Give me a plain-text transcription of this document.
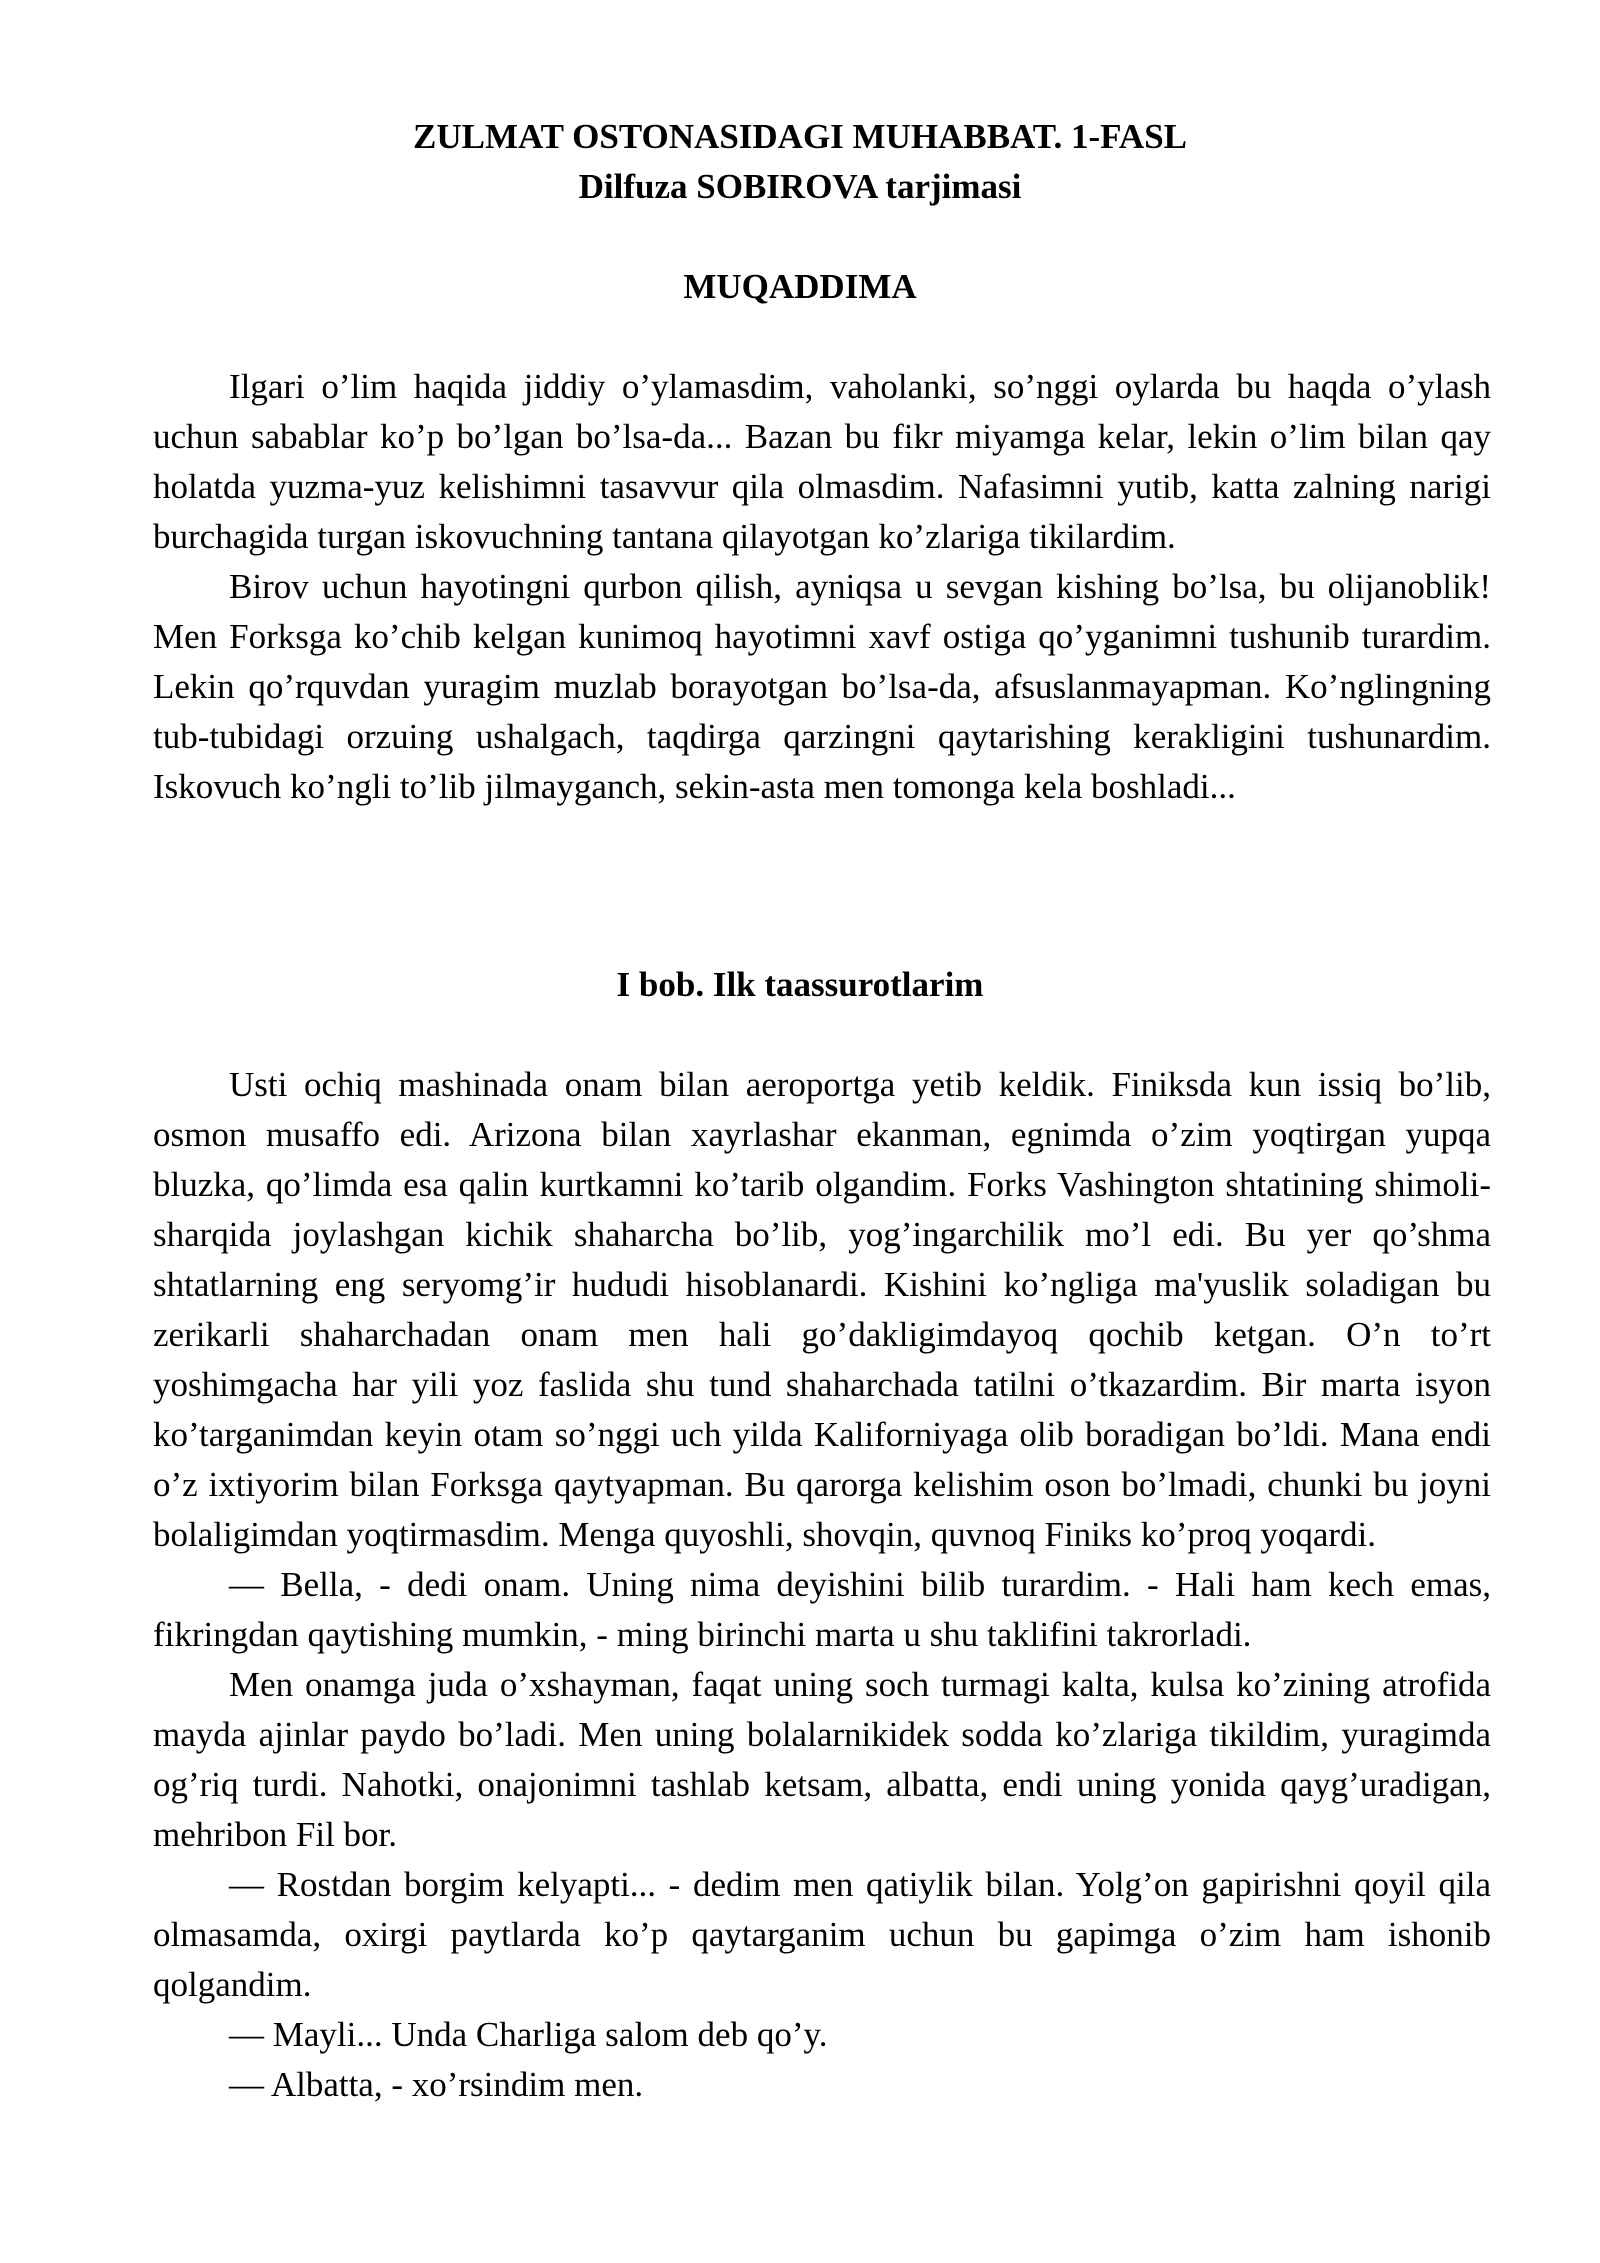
ZULMAT OSTONASIDAGI MUHABBAT. 1-FASL
Dilfuza SOBIROVA tarjimasi
MUQADDIMA

Ilgari o’lim haqida jiddiy o’ylamasdim, vaholanki, so’nggi oylarda bu haqda o’ylash uchun sabablar ko’p bo’lgan bo’lsa-da... Bazan bu fikr miyamga kelar, lekin o’lim bilan qay holatda yuzma-yuz kelishimni tasavvur qila olmasdim. Nafasimni yutib, katta zalning narigi burchagida turgan iskovuchning tantana qilayotgan ko’zlariga tikilardim.

Birov uchun hayotingni qurbon qilish, ayniqsa u sevgan kishing bo’lsa, bu olijanoblik! Men Forksga ko’chib kelgan kunimoq hayotimni xavf ostiga qo’yganimni tushunib turardim. Lekin qo’rquvdan yuragim muzlab borayotgan bo’lsa-da, afsuslanmayapman. Ko’nglingning tub-tubidagi orzuing ushalgach, taqdirga qarzingni qaytarishing kerakligini tushunardim. Iskovuch ko’ngli to’lib jilmayganch, sekin-asta men tomonga kela boshladi...

I bob. Ilk taassurotlarim

Usti ochiq mashinada onam bilan aeroportga yetib keldik. Finiksda kun issiq bo’lib, osmon musaffo edi. Arizona bilan xayrlashar ekanman, egnimda o’zim yoqtirgan yupqa bluzka, qo’limda esa qalin kurtkamni ko’tarib olgandim. Forks Vashington shtatining shimoli-sharqida joylashgan kichik shaharcha bo’lib, yog’ingarchilik mo’l edi. Bu yer qo’shma shtatlarning eng seryomg’ir hududi hisoblanardi. Kishini ko’ngliga ma'yuslik soladigan bu zerikarli shaharchadan onam men hali go’dakligimdayoq qochib ketgan. O’n to’rt yoshimgacha har yili yoz faslida shu tund shaharchada tatilni o’tkazardim. Bir marta isyon ko’targanimdan keyin otam so’nggi uch yilda Kaliforniyaga olib boradigan bo’ldi. Mana endi o’z ixtiyorim bilan Forksga qaytyapman. Bu qarorga kelishim oson bo’lmadi, chunki bu joyni bolaligimdan yoqtirmasdim. Menga quyoshli, shovqin, quvnoq Finiks ko’proq yoqardi.

— Bella, - dedi onam. Uning nima deyishini bilib turardim. - Hali ham kech emas, fikringdan qaytishing mumkin, - ming birinchi marta u shu taklifini takrorladi.

Men onamga juda o’xshayman, faqat uning soch turmagi kalta, kulsa ko’zining atrofida mayda ajinlar paydo bo’ladi. Men uning bolalarnikidek sodda ko’zlariga tikildim, yuragimda og’riq turdi. Nahotki, onajonimni tashlab ketsam, albatta, endi uning yonida qayg’uradigan, mehribon Fil bor.

— Rostdan borgim kelyapti... - dedim men qatiylik bilan. Yolg’on gapirishni qoyil qila olmasamda, oxirgi paytlarda ko’p qaytarganim uchun bu gapimga o’zim ham ishonib qolgandim.

— Mayli... Unda Charliga salom deb qo’y.

— Albatta, - xo’rsindim men.
